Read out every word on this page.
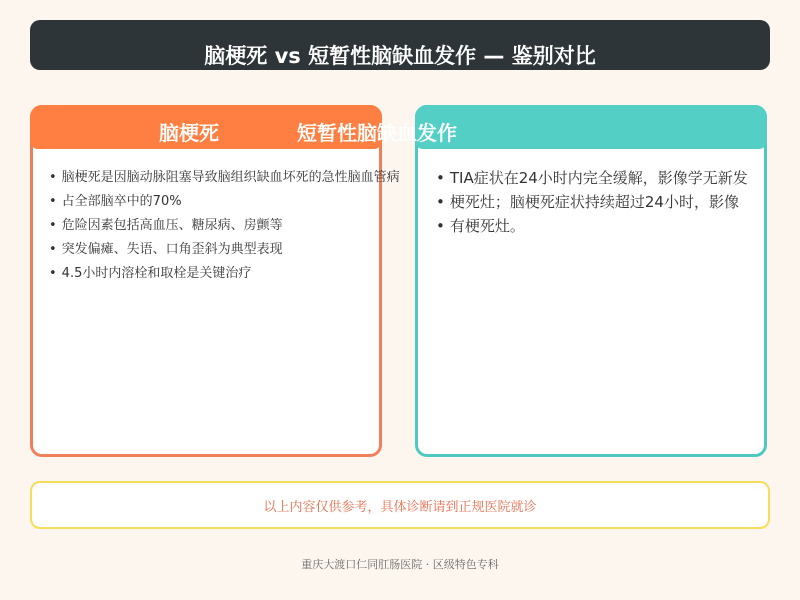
脑梗死 vs 短暂性脑缺血发作 — 鉴别对比
脑梗死
• 脑梗死是因脑动脉阻塞导致脑组织缺血坏死的急性脑血管病
• 占全部脑卒中的70%
• 危险因素包括高血压、糖尿病、房颤等
• 突发偏瘫、失语、口角歪斜为典型表现
• 4.5小时内溶栓和取栓是关键治疗
短暂性脑缺血发作
• TIA症状在24小时内完全缓解，影像学无新发
• 梗死灶；脑梗死症状持续超过24小时，影像
• 有梗死灶。
以上内容仅供参考，具体诊断请到正规医院就诊
重庆大渡口仁同肛肠医院 · 区级特色专科
